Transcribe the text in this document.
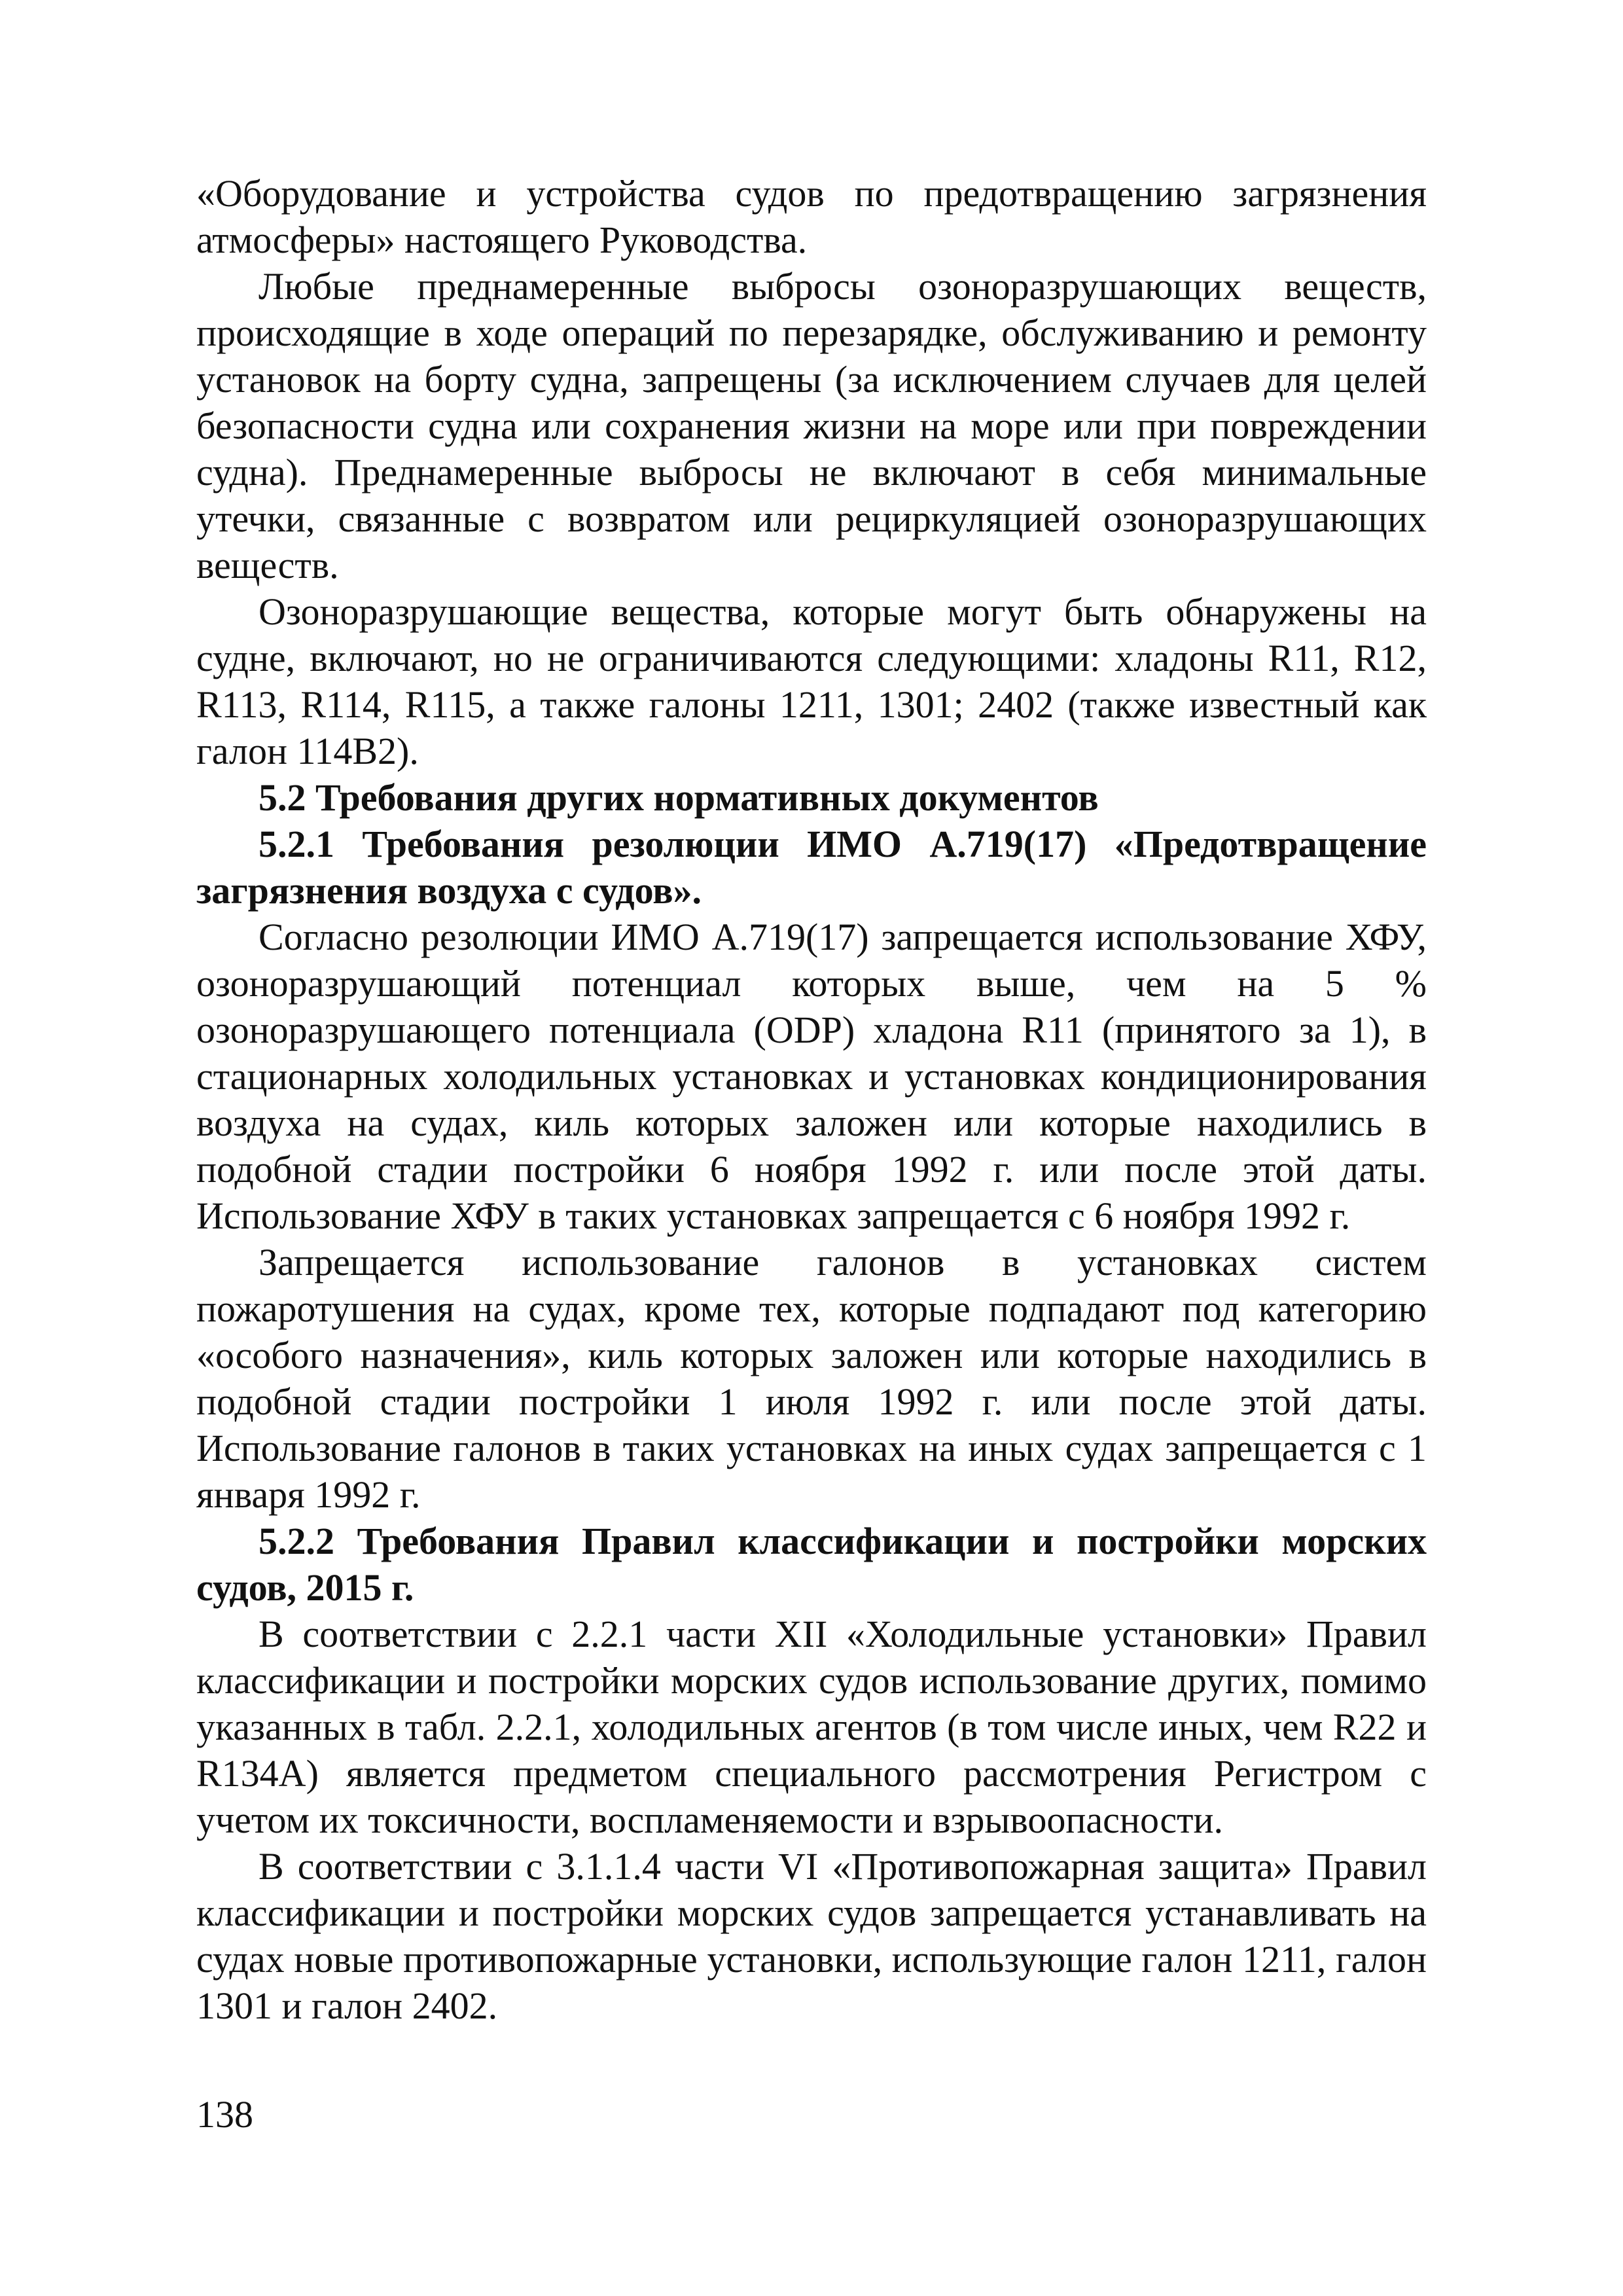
«Оборудование и устройства судов по предотвращению загрязнения атмосферы» настоящего Руководства.

Любые преднамеренные выбросы озоноразрушающих веществ, происходящие в ходе операций по перезарядке, обслуживанию и ремонту установок на борту судна, запрещены (за исключением случаев для целей безопасности судна или сохранения жизни на море или при повреждении судна). Преднамеренные выбросы не включают в себя минимальные утечки, связанные с возвратом или рециркуляцией озоноразрушающих веществ.

Озоноразрушающие вещества, которые могут быть обнаружены на судне, включают, но не ограничиваются следующими: хладоны R11, R12, R113, R114, R115, а также галоны 1211, 1301; 2402 (также известный как галон 114В2).

5.2 Требования других нормативных документов
5.2.1 Требования резолюции ИМО А.719(17) «Предотвращение загрязнения воздуха с судов».

Согласно резолюции ИМО А.719(17) запрещается использование ХФУ, озоноразрушающий потенциал которых выше, чем на 5 % озоноразрушающего потенциала (ODP) хладона R11 (принятого за 1), в стационарных холодильных установках и установках кондиционирования воздуха на судах, киль которых заложен или которые находились в подобной стадии постройки 6 ноября 1992 г. или после этой даты. Использование ХФУ в таких установках запрещается с 6 ноября 1992 г.

Запрещается использование галонов в установках систем пожаротушения на судах, кроме тех, которые подпадают под категорию «особого назначения», киль которых заложен или которые находились в подобной стадии постройки 1 июля 1992 г. или после этой даты. Использование галонов в таких установках на иных судах запрещается с 1 января 1992 г.

5.2.2 Требования Правил классификации и постройки морских судов, 2015 г.

В соответствии с 2.2.1 части XII «Холодильные установки» Правил классификации и постройки морских судов использование других, помимо указанных в табл. 2.2.1, холодильных агентов (в том числе иных, чем R22 и R134A) является предметом специального рассмотрения Регистром с учетом их токсичности, воспламеняемости и взрывоопасности.

В соответствии с 3.1.1.4 части VI «Противопожарная защита» Правил классификации и постройки морских судов запрещается устанавливать на судах новые противопожарные установки, использующие галон 1211, галон 1301 и галон 2402.

138
